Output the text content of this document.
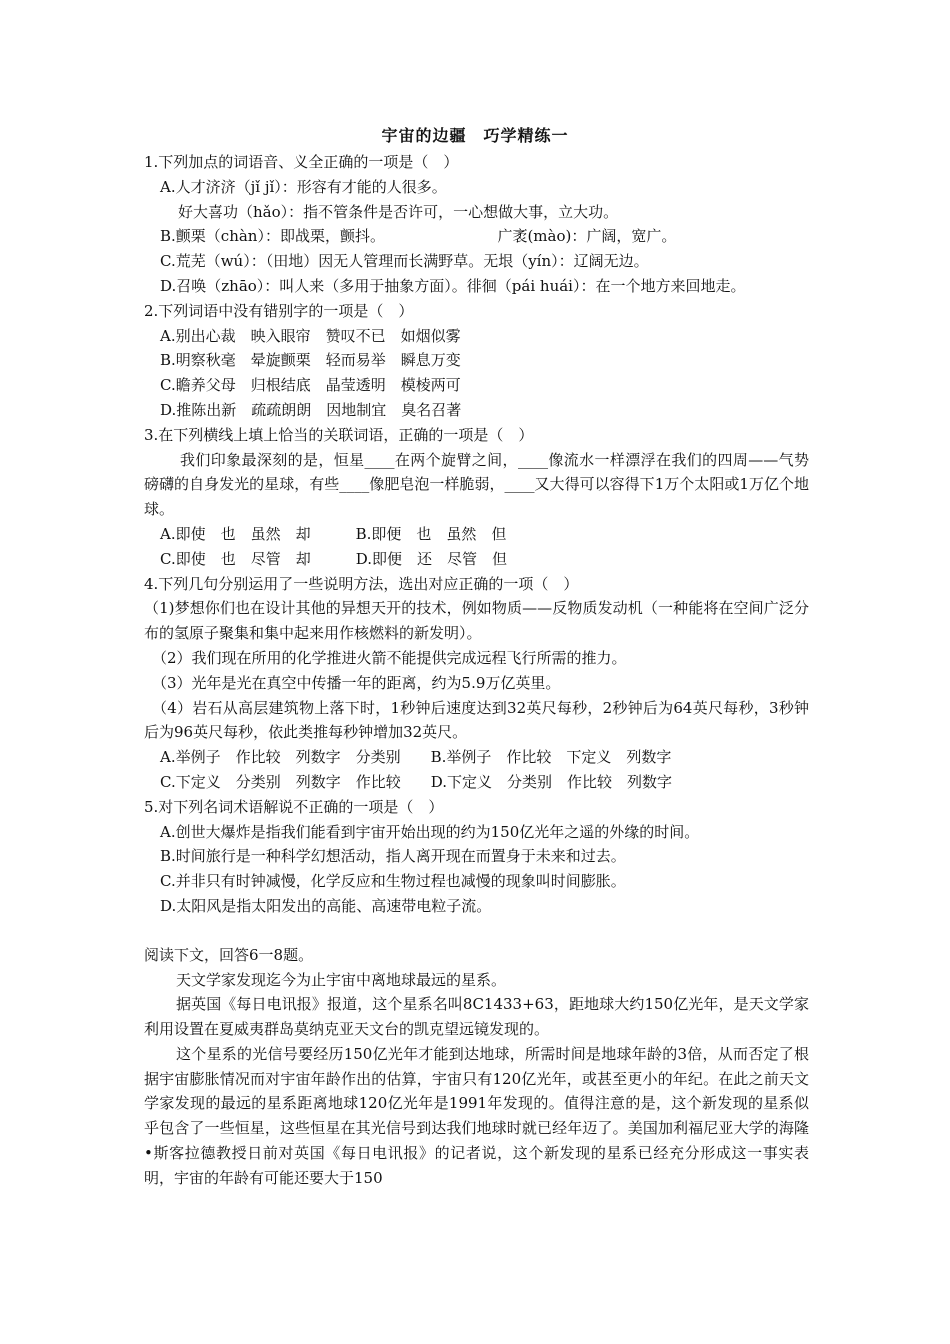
宇宙的边疆　巧学精练一
1.下列加点的词语音、义全正确的一项是（　）
A.人才济济（jǐ jǐ）：形容有才能的人很多。
好大喜功（hǎo）：指不管条件是否许可，一心想做大事，立大功。
B.颤栗（chàn）：即战栗，颤抖。　　　　　　　　广袤(mào)：广阔，宽广。
C.荒芜（wú）：（田地）因无人管理而长满野草。无垠（yín）：辽阔无边。
D.召唤（zhāo）：叫人来（多用于抽象方面）。徘徊（pái huái）：在一个地方来回地走。
2.下列词语中没有错别字的一项是（　）
A.别出心裁　映入眼帘　赞叹不已　如烟似雾
B.明察秋毫　晕旋颤栗　轻而易举　瞬息万变
C.瞻养父母　归根结底　晶莹透明　模棱两可
D.推陈出新　疏疏朗朗　因地制宜　臭名召著
3.在下列横线上填上恰当的关联词语，正确的一项是（　）
我们印象最深刻的是，恒星____在两个旋臂之间，____像流水一样漂浮在我们的四周——气势磅礴的自身发光的星球，有些____像肥皂泡一样脆弱，____又大得可以容得下1万个太阳或1万亿个地球。
A.即使　也　虽然　却　　　B.即便　也　虽然　但
C.即使　也　尽管　却　　　D.即便　还　尽管　但
4.下列几句分别运用了一些说明方法，选出对应正确的一项（　）
（1)梦想你们也在设计其他的异想天开的技术，例如物质——反物质发动机（一种能将在空间广泛分布的氢原子聚集和集中起来用作核燃料的新发明）。
（2）我们现在所用的化学推进火箭不能提供完成远程飞行所需的推力。
（3）光年是光在真空中传播一年的距离，约为5.9万亿英里。
（4）岩石从高层建筑物上落下时，1秒钟后速度达到32英尺每秒，2秒钟后为64英尺每秒，3秒钟后为96英尺每秒，依此类推每秒钟增加32英尺。
A.举例子　作比较　列数字　分类别　　B.举例子　作比较　下定义　列数字
C.下定义　分类别　列数字　作比较　　D.下定义　分类别　作比较　列数字
5.对下列名词术语解说不正确的一项是（　）
A.创世大爆炸是指我们能看到宇宙开始出现的约为150亿光年之遥的外缘的时间。
B.时间旅行是一种科学幻想活动，指人离开现在而置身于未来和过去。
C.并非只有时钟减慢，化学反应和生物过程也减慢的现象叫时间膨胀。
D.太阳风是指太阳发出的高能、高速带电粒子流。
阅读下文，回答6一8题。
天文学家发现迄今为止宇宙中离地球最远的星系。
据英国《每日电讯报》报道，这个星系名叫8C1433+63，距地球大约150亿光年，是天文学家利用设置在夏威夷群岛莫纳克亚天文台的凯克望远镜发现的。
这个星系的光信号要经历150亿光年才能到达地球，所需时间是地球年龄的3倍，从而否定了根据宇宙膨胀情况而对宇宙年龄作出的估算，宇宙只有120亿光年，或甚至更小的年纪。在此之前天文学家发现的最远的星系距离地球120亿光年是1991年发现的。值得注意的是，这个新发现的星系似乎包含了一些恒星，这些恒星在其光信号到达我们地球时就已经年迈了。美国加利福尼亚大学的海隆•斯客拉德教授日前对英国《每日电讯报》的记者说，这个新发现的星系已经充分形成这一事实表明，宇宙的年龄有可能还要大于150
